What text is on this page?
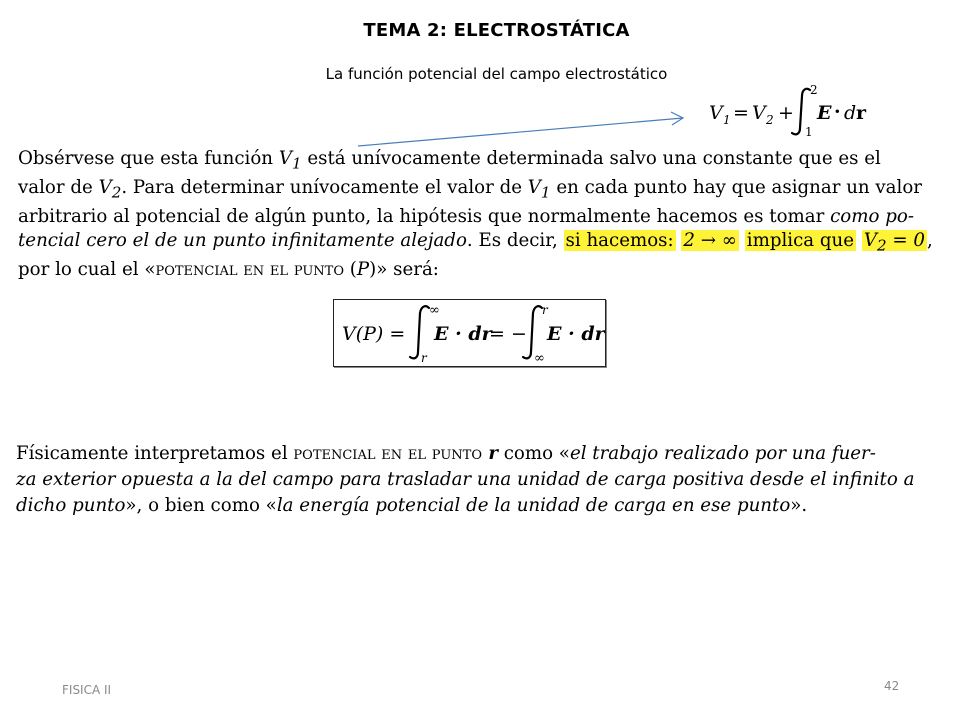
TEMA 2: ELECTROSTÁTICA
La función potencial del campo electrostático
V 1 = V 2 +
2
1
E · d r
Obsérvese que esta función $V_1$ está unívocamente determinada salvo una constante que es el
valor de $V_2$. Para determinar unívocamente el valor de $V_1$ en cada punto hay que asignar un valor
arbitrario al potencial de algún punto, la hipótesis que normalmente hacemos es tomar como po-
tencial cero el de un punto infinitamente alejado. Es decir, si hacemos: 2 → ∞ implica que $V_2 = 0$ ,
por lo cual el «potencial en el punto (P)» será:
V(P) =
∞
r
E · dr
= −
r
∞
E · dr
Físicamente interpretamos el potencial en el punto r como «el trabajo realizado por una fuer-
za exterior opuesta a la del campo para trasladar una unidad de carga positiva desde el infinito a
dicho punto», o bien como «la energía potencial de la unidad de carga en ese punto».
FISICA II	42
